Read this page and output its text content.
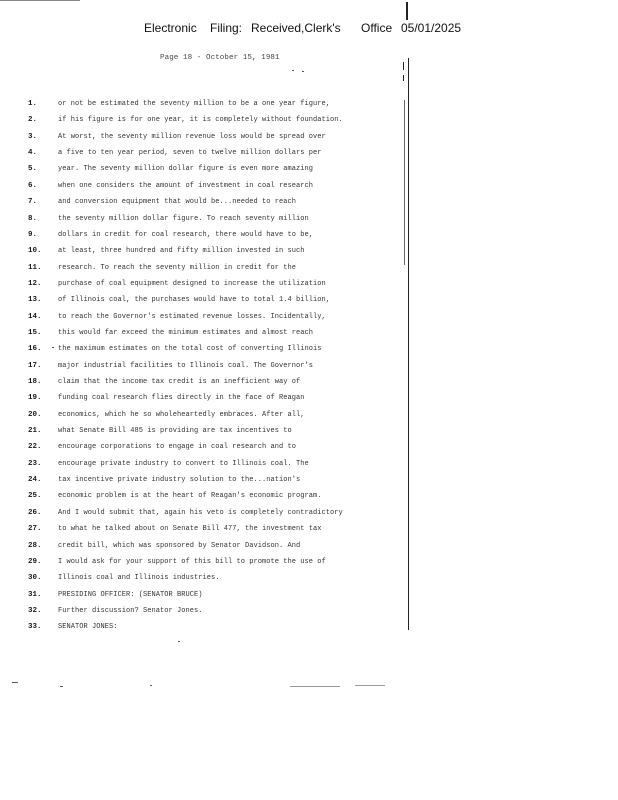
Electronic Filing: Received,Clerk's Office 05/01/2025
Page 18 - October 15, 1981
1.	or not be estimated the seventy million to be a one year figure,
2.	if his figure is for one year, it is completely without foundation.
3.	At worst, the seventy million revenue loss would be spread over
4.	a five to ten year period, seven to twelve million dollars per
5.	year. The seventy million dollar figure is even more amazing
6.	when one considers the amount of investment in coal research
7.	and conversion equipment that would be...needed to reach
8.	the seventy million dollar figure. To reach seventy million
9.	dollars in credit for coal research, there would have to be,
10.	at least, three hundred and fifty million invested in such
11.	research. To reach the seventy million in credit for the
12.	purchase of coal equipment designed to increase the utilization
13.	of Illinois coal, the purchases would have to total 1.4 billion,
14.	to reach the Governor's estimated revenue losses. Incidentally,
15.	this would far exceed the minimum estimates and almost reach
16.	the maximum estimates on the total cost of converting Illinois
17.	major industrial facilities to Illinois coal. The Governor's
18.	claim that the income tax credit is an inefficient way of
19.	funding coal research flies directly in the face of Reagan
20.	economics, which he so wholeheartedly embraces. After all,
21.	what Senate Bill 485 is providing are tax incentives to
22.	encourage corporations to engage in coal research and to
23.	encourage private industry to convert to Illinois coal. The
24.	tax incentive private industry solution to the...nation's
25.	economic problem is at the heart of Reagan's economic program.
26.	And I would submit that, again his veto is completely contradictory
27.	to what he talked about on Senate Bill 477, the investment tax
28.	credit bill, which was sponsored by Senator Davidson. And
29.	I would ask for your support of this bill to promote the use of
30.	Illinois coal and Illinois industries.
31.	PRESIDING OFFICER: (SENATOR BRUCE)
32.	Further discussion? Senator Jones.
33.	SENATOR JONES:
